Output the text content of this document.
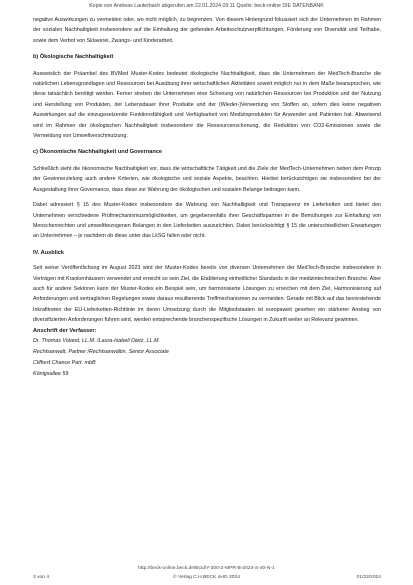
Kopie von Andreas Lauterbach abgerufen am 22.01.2024 09:11 Quelle: beck-online DIE DATENBANK

negative Auswirkungen zu vermeiden oder, wo nicht möglich, zu begrenzen. Von diesem Hintergrund fokussiert sich der Unternehmen im Rahmen der sozialen Nachhaltigkeit insbesondere auf die Einhaltung der geltenden Arbeitsschutzverpflichtungen, Förderung von Diversität und Teilhabe, sowie dem Verbot von Sklaverei, Zwangs- und Kinderarbeit.

b) Ökologische Nachhaltigkeit

Ausweislich der Präambel des BVMed Muster-Kodex bedeutet ökologische Nachhaltigkeit, dass die Unternehmen der MedTech-Branche die natürlichen Lebensgrundlagen und Ressourcen bei Ausübung ihrer wirtschaftlichen Aktivitäten soweit möglich nur in dem Maße beanspruchen, wie diese tatsächlich benötigt werden. Ferner streben die Unternehmen eine Schonung von natürlichen Ressourcen bei Produktion und der Nutzung und Herstellung von Produkten, der Lebensdauer ihrer Produkte und der (Wieder-)Verwertung von Stoffen an, sofern dies keine negativen Auswirkungen auf die einzugesetzende Funktionsfähigkeit und Verfügbarkeit von Medizinprodukten für Anwender und Patienten hat. Abweisend wird im Rahmen der ökologischen Nachhaltigkeit insbesondere die Ressourcenschonung, die Reduktion von CO2-Emissionen sowie die Vermeidung von Umweltverschmutzung.

c) Ökonomische Nachhaltigkeit und Governance

Schließlich sieht die ökonomische Nachhaltigkeit vor, dass die wirtschaftliche Tätigkeit und die Ziele der MedTech-Unternehmen neben dem Prinzip der Gewinnerzielung auch andere Kriterien, wie ökologische und soziale Aspekte, beachten. Hierbei berücksichtigen sie insbesondere bei der Ausgestaltung ihrer Governance, dass diese zur Wahrung der ökologischen und sozialen Belange beitragen kann.

Dabei adressiert § 15 des Muster-Kodex insbesondere die Wahrung von Nachhaltigkeit und Transparenz im Lieferketten und bietet den Unternehmen verschiedene Prüfmechanismusmöglichkeiten, um gegebenenfalls ihrer Geschäftspartner in die Bemühungen zur Einhaltung von Menschenrechten und umweltbezogenen Belangen in den Lieferketten auszurichten. Dabei berücksichtigt § 15 die unterschiedlichen Erwartungen an Unternehmen – je nachdem ob diese unter das LkSG fallen oder nicht.

IV. Ausblick

Seit seiner Veröffentlichung im August 2023 wird der Muster-Kodex bereits von diversen Unternehmen der MedTech-Branche insbesondere in Verträgen mit Krankenhäusern verwendet und erreicht so sein Ziel, die Etablierung einheitlicher Standards in der medizintechnischen Branche. Aber auch für andere Sektoren kann der Muster-Kodex ein Beispiel sein, um harmonisierte Lösungen zu erreichen mit dem Ziel, Harmonisierung auf Anforderungen und vertraglichen Regelungen sowie daraus resultierende Treffmechanismen zu vermeiden. Gerade mit Blick auf das bevorstehende Inkrafttreten der EU-Lieferketten-Richtlinie im deren Umsetzung durch die Mitgliedstaaten ist europaweit gesehen ein stärkerer Anstieg von diversifizierten Anforderungen führen wird, werden entsprechende branchenspezifische Lösungen in Zukunft weiter an Relevanz gewinnen.

Anschrift der Verfasser:
Dr. Thomas Voland, LL.M. /Laura-Isabell Dietz, LL.M.
Rechtsanwalt, Partner /Rechtsanwältin, Senior Associate
Clifford Chance Part. mbB
Königsallee 59
http://beck-online.beck.de/Bcid/Y-300-Z-MPR-B-2024-S-40-N-1
3 von 4	© Verlag C.H.BECK oHG 2024	01/23/2024
